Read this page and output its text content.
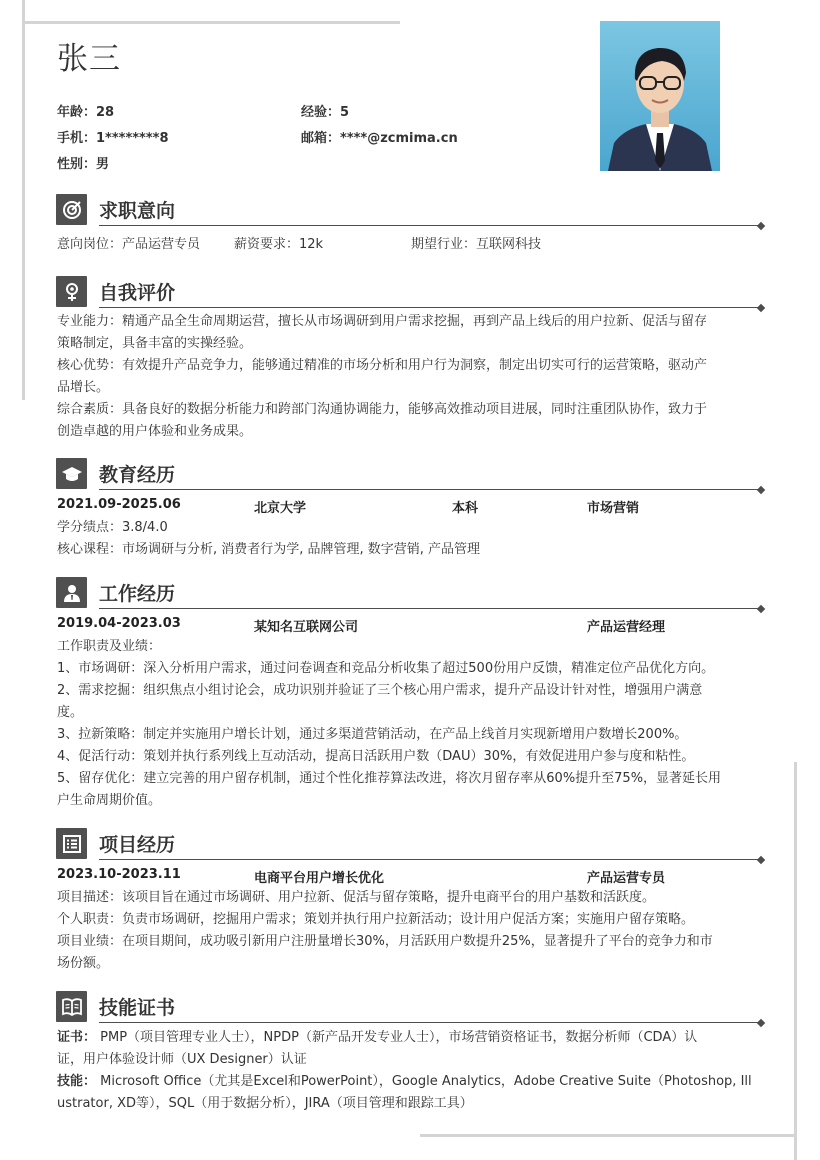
张三
年龄：28	经验：5
手机：1********8	邮箱：****@zcmima.cn
性别：男
求职意向
意向岗位：产品运营专员	薪资要求：12k	期望行业：互联网科技
自我评价
专业能力：精通产品全生命周期运营，擅长从市场调研到用户需求挖掘，再到产品上线后的用户拉新、促活与留存
策略制定，具备丰富的实操经验。
核心优势：有效提升产品竞争力，能够通过精准的市场分析和用户行为洞察，制定出切实可行的运营策略，驱动产
品增长。
综合素质：具备良好的数据分析能力和跨部门沟通协调能力，能够高效推动项目进展，同时注重团队协作，致力于
创造卓越的用户体验和业务成果。
教育经历
2021.09-2025.06	北京大学	本科	市场营销
学分绩点：3.8/4.0
核心课程：市场调研与分析, 消费者行为学, 品牌管理, 数字营销, 产品管理
工作经历
2019.04-2023.03	某知名互联网公司	产品运营经理
工作职责及业绩：
1、市场调研：深入分析用户需求，通过问卷调查和竞品分析收集了超过500份用户反馈，精准定位产品优化方向。
2、需求挖掘：组织焦点小组讨论会，成功识别并验证了三个核心用户需求，提升产品设计针对性，增强用户满意
度。
3、拉新策略：制定并实施用户增长计划，通过多渠道营销活动，在产品上线首月实现新增用户数增长200%。
4、促活行动：策划并执行系列线上互动活动，提高日活跃用户数（DAU）30%，有效促进用户参与度和粘性。
5、留存优化：建立完善的用户留存机制，通过个性化推荐算法改进，将次月留存率从60%提升至75%，显著延长用
户生命周期价值。
项目经历
2023.10-2023.11	电商平台用户增长优化	产品运营专员
项目描述：该项目旨在通过市场调研、用户拉新、促活与留存策略，提升电商平台的用户基数和活跃度。
个人职责：负责市场调研，挖掘用户需求；策划并执行用户拉新活动；设计用户促活方案；实施用户留存策略。
项目业绩：在项目期间，成功吸引新用户注册量增长30%，月活跃用户数提升25%，显著提升了平台的竞争力和市
场份额。
技能证书
证书： PMP（项目管理专业人士），NPDP（新产品开发专业人士），市场营销资格证书，数据分析师（CDA）认
证，用户体验设计师（UX Designer）认证
技能： Microsoft Office（尤其是Excel和PowerPoint），Google Analytics，Adobe Creative Suite（Photoshop, Ill
ustrator, XD等），SQL（用于数据分析），JIRA（项目管理和跟踪工具）
